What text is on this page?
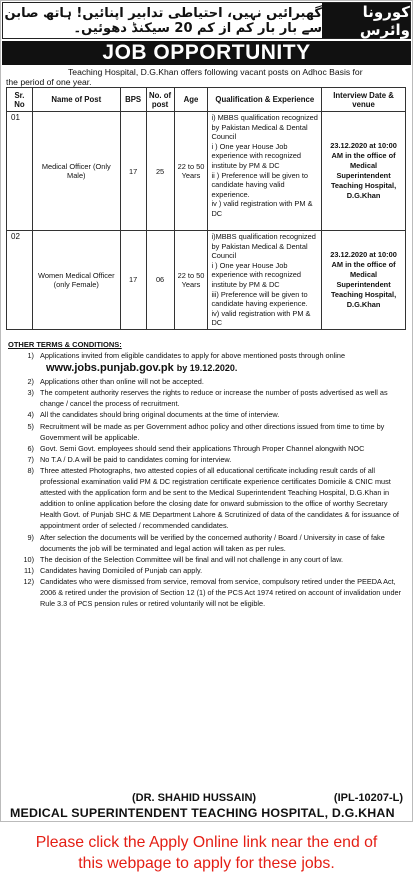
گھبرائیں نہیں، احتیاطی تدابیر اپنائیں! ہاتھ صابن سے بار بار کم از کم 20 سیکنڈ دھوئیں۔
کورونا وائرس
JOB OPPORTUNITY
Teaching Hospital, D.G.Khan offers following vacant posts on Adhoc Basis for
the period of one year.
Sr. No	Name of Post	BPS	No. of post	Age	Qualification & Experience	Interview Date & venue
01	Medical Officer (Only Male)	17	25	22 to 50 Years	i) MBBS qualification recognized by Pakistan Medical & Dental Council
i ) One year House Job experience with recognized institute by PM & DC
ii ) Preference will be given to candidate having valid experience.
iv ) valid registration with PM & DC	23.12.2020 at 10:00 AM in the office of Medical Superintendent Teaching Hospital, D.G.Khan
02	Women Medical Officer (only Female)	17	06	22 to 50 Years	i)MBBS qualification recognized by Pakistan Medical & Dental Council
i ) One year House Job experience with recognized institute by PM & DC
iii) Preference will be given to candidate having experience.
iv) valid registration with PM & DC	23.12.2020 at 10:00 AM in the office of Medical Superintendent Teaching Hospital, D.G.Khan
OTHER TERMS & CONDITIONS:
1) Applications invited from eligible candidates to apply for above mentioned posts through online
www.jobs.punjab.gov.pk by 19.12.2020.
2) Applications other than online will not be accepted.
3) The competent authority reserves the rights to reduce or increase the number of posts advertised as well as change / cancel the process of recruitment.
4) All the candidates should bring original documents at the time of interview.
5) Recruitment will be made as per Government adhoc policy and other directions issued from time to time by Government will be applicable.
6) Govt. Semi Govt. employees should send their applications Through Proper Channel alongwith NOC
7) No T.A / D.A will be paid to candidates coming for interview.
8) Three attested Photographs, two attested copies of all educational certificate including result cards of all professional examination valid PM & DC registration certificate experience certificates Domicile & CNIC must attested with the application form and be sent to the Medical Superintendent Teaching Hospital, D.G.Khan in addition to online application before the closing date for onward submission to the office of worthy Secretary Health Govt. of Punjab SHC & ME Department Lahore & Scrutinized of data of the candidates & for issuance of appointment order of selected / recommended candidates.
9) After selection the documents will be verified by the concerned authority / Board / University in case of fake documents the job will be terminated and legal action will taken as per rules.
10) The decision of the Selection Committee will be final and will not challenge in any court of law.
11) Candidates having Domiciled of Punjab can apply.
12) Candidates who were dismissed from service, removal from service, compulsory retired under the PEEDA Act, 2006 & retired under the provision of Section 12 (1) of the PCS Act 1974 retired on account of invalidation under Rule 3.3 of PCS pension rules or retired voluntarily will not be eligible.
(DR. SHAHID HUSSAIN)	(IPL-10207-L)
MEDICAL SUPERINTENDENT TEACHING HOSPITAL, D.G.KHAN
Please click the Apply Online link near the end of
this webpage to apply for these jobs.
